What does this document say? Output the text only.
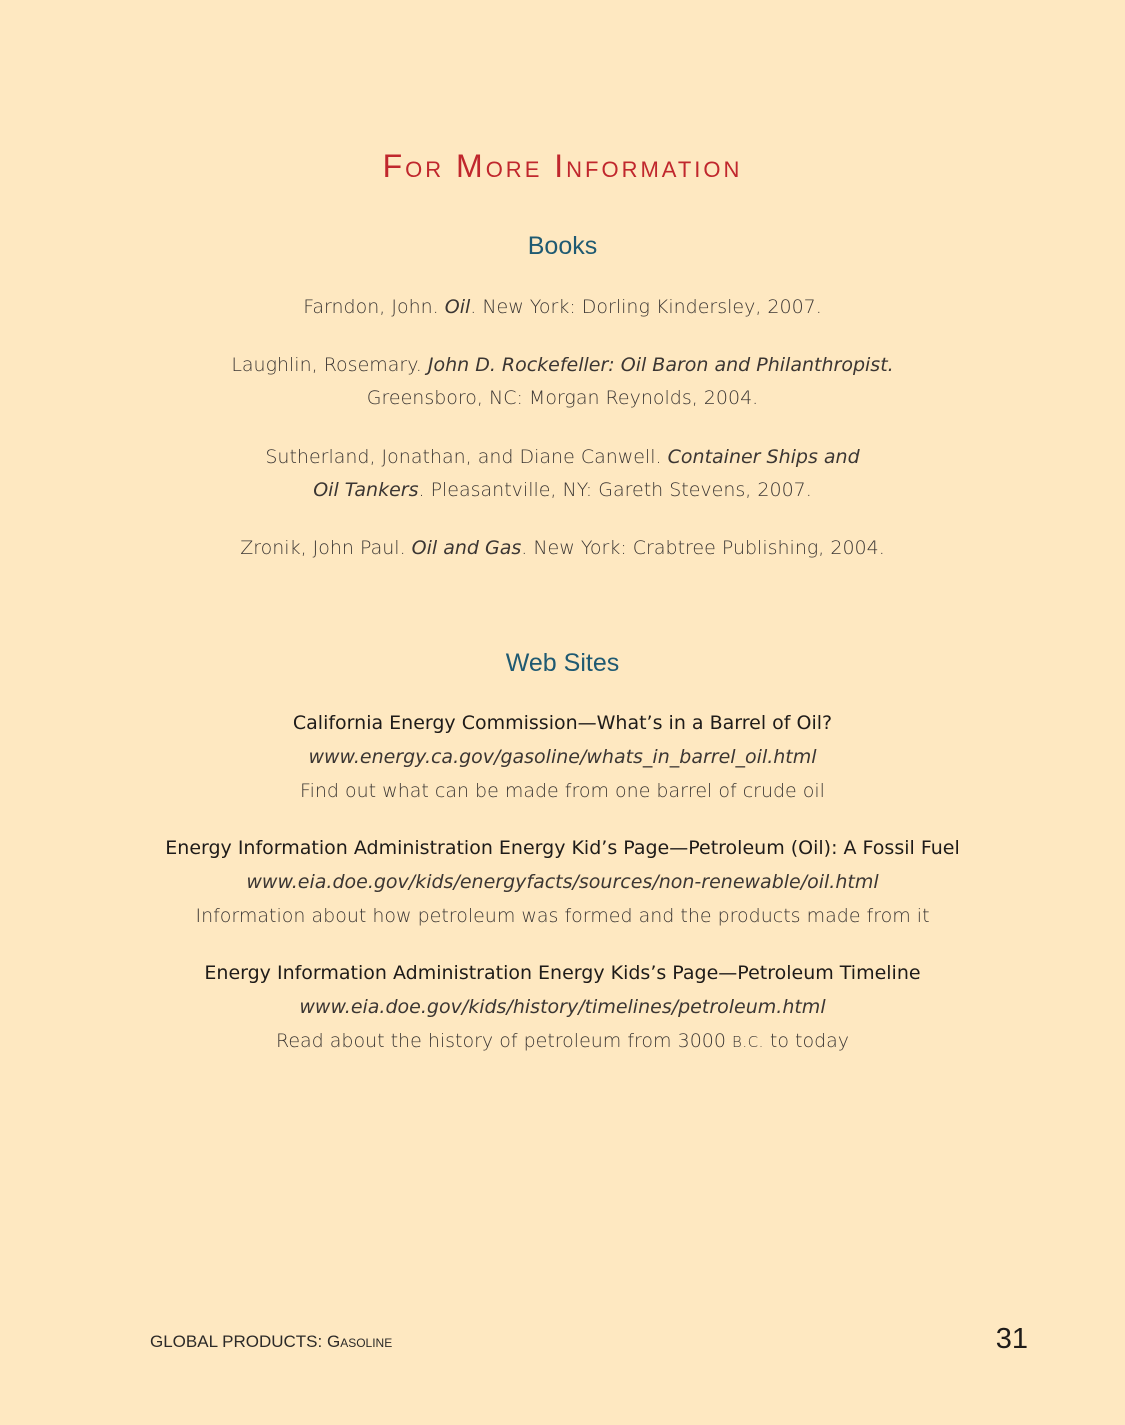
For More Information
Books
Farndon, John. Oil. New York: Dorling Kindersley, 2007.
Laughlin, Rosemary. John D. Rockefeller: Oil Baron and Philanthropist.
Greensboro, NC: Morgan Reynolds, 2004.
Sutherland, Jonathan, and Diane Canwell. Container Ships and
Oil Tankers. Pleasantville, NY: Gareth Stevens, 2007.
Zronik, John Paul. Oil and Gas. New York: Crabtree Publishing, 2004.
Web Sites
California Energy Commission—What’s in a Barrel of Oil?
www.energy.ca.gov/gasoline/whats_in_barrel_oil.html
Find out what can be made from one barrel of crude oil
Energy Information Administration Energy Kid’s Page—Petroleum (Oil): A Fossil Fuel
www.eia.doe.gov/kids/energyfacts/sources/non-renewable/oil.html
Information about how petroleum was formed and the products made from it
Energy Information Administration Energy Kids’s Page—Petroleum Timeline
www.eia.doe.gov/kids/history/timelines/petroleum.html
Read about the history of petroleum from 3000 B.C. to today
GLOBAL PRODUCTS: Gasoline	31
